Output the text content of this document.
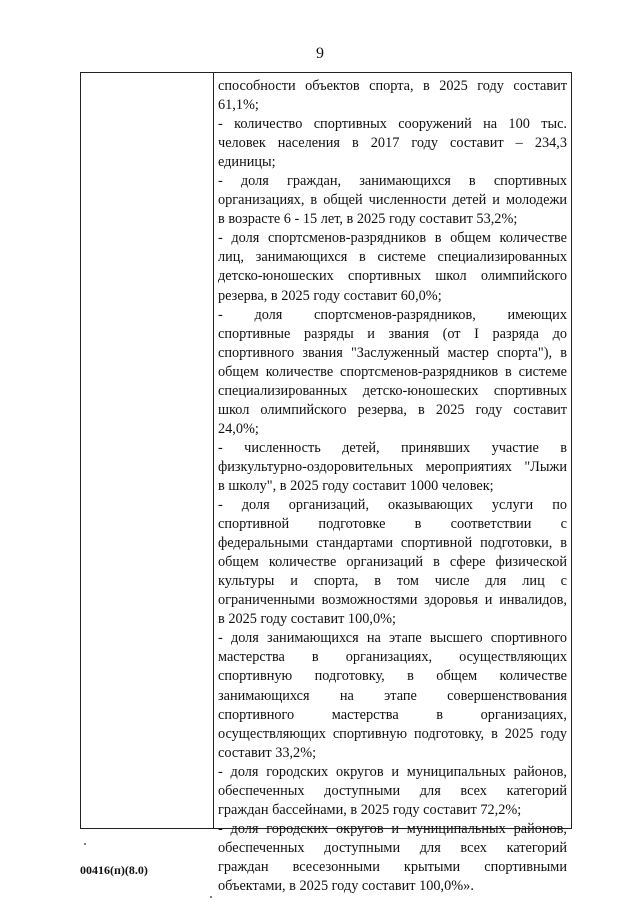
9
способности объектов спорта, в 2025 году составит
61,1%;
- количество спортивных сооружений на 100 тыс.
человек населения в 2017 году составит – 234,3
единицы;
- доля граждан, занимающихся в спортивных
организациях, в общей численности детей и молодежи
в возрасте 6 - 15 лет, в 2025 году составит 53,2%;
- доля спортсменов-разрядников в общем количестве
лиц, занимающихся в системе специализированных
детско-юношеских спортивных школ олимпийского
резерва, в 2025 году составит 60,0%;
- доля спортсменов-разрядников, имеющих
спортивные разряды и звания (от I разряда до
спортивного звания "Заслуженный мастер спорта"), в
общем количестве спортсменов-разрядников в системе
специализированных детско-юношеских спортивных
школ олимпийского резерва, в 2025 году составит
24,0%;
- численность детей, принявших участие в
физкультурно-оздоровительных мероприятиях "Лыжи
в школу", в 2025 году составит 1000 человек;
- доля организаций, оказывающих услуги по
спортивной подготовке в соответствии с
федеральными стандартами спортивной подготовки, в
общем количестве организаций в сфере физической
культуры и спорта, в том числе для лиц с
ограниченными возможностями здоровья и инвалидов,
в 2025 году составит 100,0%;
- доля занимающихся на этапе высшего спортивного
мастерства в организациях, осуществляющих
спортивную подготовку, в общем количестве
занимающихся на этапе совершенствования
спортивного мастерства в организациях,
осуществляющих спортивную подготовку, в 2025 году
составит 33,2%;
- доля городских округов и муниципальных районов,
обеспеченных доступными для всех категорий
граждан бассейнами, в 2025 году составит 72,2%;
- доля городских округов и муниципальных районов,
обеспеченных доступными для всех категорий
граждан всесезонными крытыми спортивными
объектами, в 2025 году составит 100,0%».
00416(п)(8.0)
